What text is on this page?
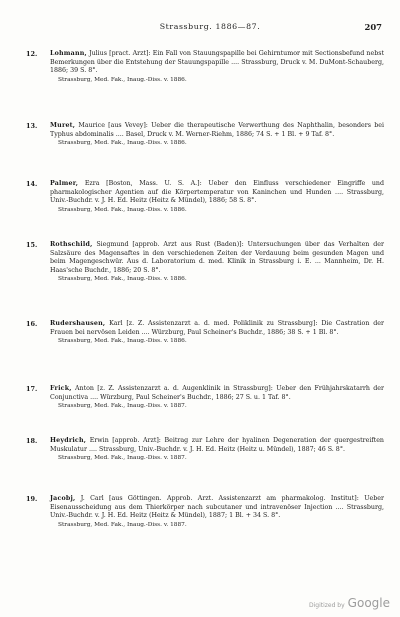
Strassburg. 1886—87.	207
12. Lohmann, Julius [pract. Arzt]: Ein Fall von Stauungspapille bei Gehirntumor mit Sectionsbefund nebst Bemerkungen über die Entstehung der Stauungspapille .... Strassburg, Druck v. M. DuMont-Schauberg, 1886; 39 S. 8°.
Strassburg, Med. Fak., Inaug.-Diss. v. 1886.
13. Muret, Maurice [aus Vevey]: Ueber die therapeutische Verwerthung des Naphthalin, besonders bei Typhus abdominalis .... Basel, Druck v. M. Werner-Riehm, 1886; 74 S. + 1 Bl. + 9 Taf. 8°.
Strassburg, Med. Fak., Inaug.-Diss. v. 1886.
14. Palmer, Ezra [Boston, Mass. U. S. A.]: Ueber den Einfluss verschiedener Eingriffe und pharmakologischer Agentien auf die Körpertemperatur von Kaninchen und Hunden .... Strassburg, Univ.-Buchdr. v. J. H. Ed. Heitz (Heitz & Mündel), 1886; 58 S. 8°.
Strassburg, Med. Fak., Inaug.-Diss. v. 1886.
15. Rothschild, Siegmund [approb. Arzt aus Rust (Baden)]: Untersuchungen über das Verhalten der Salzsäure des Magensaftes in den verschiedenen Zeiten der Verdauung beim gesunden Magen und beim Magengeschwür. Aus d. Laboratorium d. med. Klinik in Strassburg i. E. ... Mannheim, Dr. H. Haas'sche Buchdr., 1886; 20 S. 8°.
Strassburg, Med. Fak., Inaug.-Diss. v. 1886.
16. Rudershausen, Karl [z. Z. Assistenzarzt a. d. med. Poliklinik zu Strassburg]: Die Castration der Frauen bei nervösen Leiden .... Würzburg, Paul Scheiner's Buchdr., 1886; 38 S. + 1 Bl. 8°.
Strassburg, Med. Fak., Inaug.-Diss. v. 1886.
17. Frick, Anton [z. Z. Assistenzarzt a. d. Augenklinik in Strassburg]: Ueber den Frühjahrskatarrh der Conjunctiva .... Würzburg, Paul Scheiner's Buchdr., 1886; 27 S. u. 1 Taf. 8°.
Strassburg, Med. Fak., Inaug.-Diss. v. 1887.
18. Heydrich, Erwin [approb. Arzt]: Beitrag zur Lehre der hyalinen Degeneration der quergestreiften Muskulatur .... Strassburg, Univ.-Buchdr. v. J. H. Ed. Heitz (Heitz u. Mündel), 1887; 46 S. 8°.
Strassburg, Med. Fak., Inaug.-Diss. v. 1887.
19. Jacobj, J. Carl [aus Göttingen. Approb. Arzt. Assistenzarzt am pharmakolog. Institut]: Ueber Eisenausscheidung aus dem Thierkörper nach subcutaner und intravenöser Injection .... Strassburg, Univ.-Buchdr. v. J. H. Ed. Heitz (Heitz & Mündel), 1887; 1 Bl. + 34 S. 8°.
Strassburg, Med. Fak., Inaug.-Diss. v. 1887.
Digitized by Google
